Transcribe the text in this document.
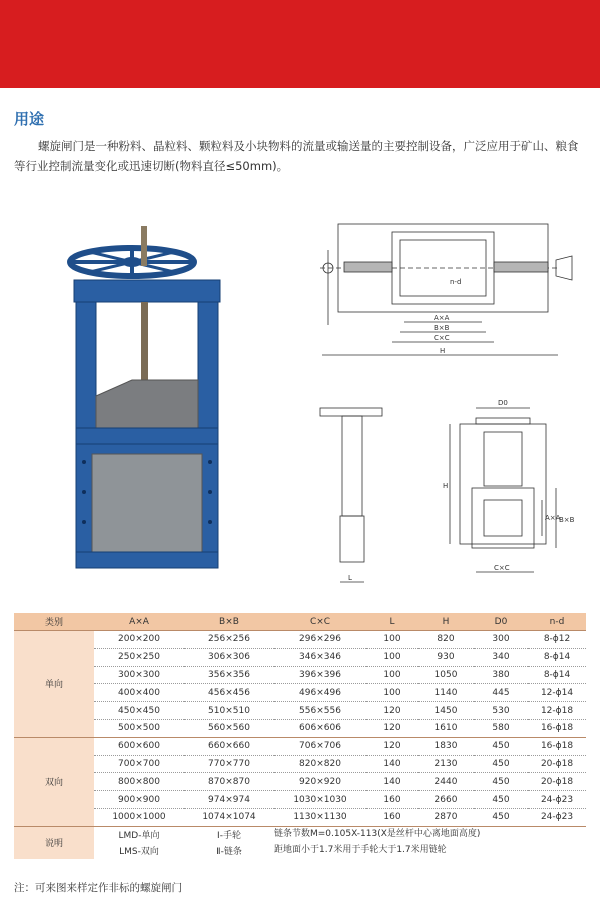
用途

螺旋闸门是一种粉料、晶粒料、颗粒料及小块物料的流量或输送量的主要控制设备，广泛应用于矿山、粮食等行业控制流量变化或迅速切断(物料直径≤50mm)。

n-d
A×A
B×B
C×C
H
L
D0
H
A×A
B×B
C×C
类别	A×A	B×B	C×C	L	H	D0	n-d
单向	200×200	256×256	296×296	100	820	300	8-ϕ12
	250×250	306×306	346×346	100	930	340	8-ϕ14
	300×300	356×356	396×396	100	1050	380	8-ϕ14
	400×400	456×456	496×496	100	1140	445	12-ϕ14
	450×450	510×510	556×556	120	1450	530	12-ϕ18
	500×500	560×560	606×606	120	1610	580	16-ϕ18
双向	600×600	660×660	706×706	120	1830	450	16-ϕ18
	700×700	770×770	820×820	140	2130	450	20-ϕ18
	800×800	870×870	920×920	140	2440	450	20-ϕ18
	900×900	974×974	1030×1030	160	2660	450	24-ϕ23
	1000×1000	1074×1074	1130×1130	160	2870	450	24-ϕ23
说明	LMD-单向	Ⅰ-手轮	链条节数M=0.105X-113(X是丝杆中心离地面高度)				
	LMS-双向	Ⅱ-链条	距地面小于1.7米用于手轮大于1.7米用链轮				
注：可来图来样定作非标的螺旋闸门
